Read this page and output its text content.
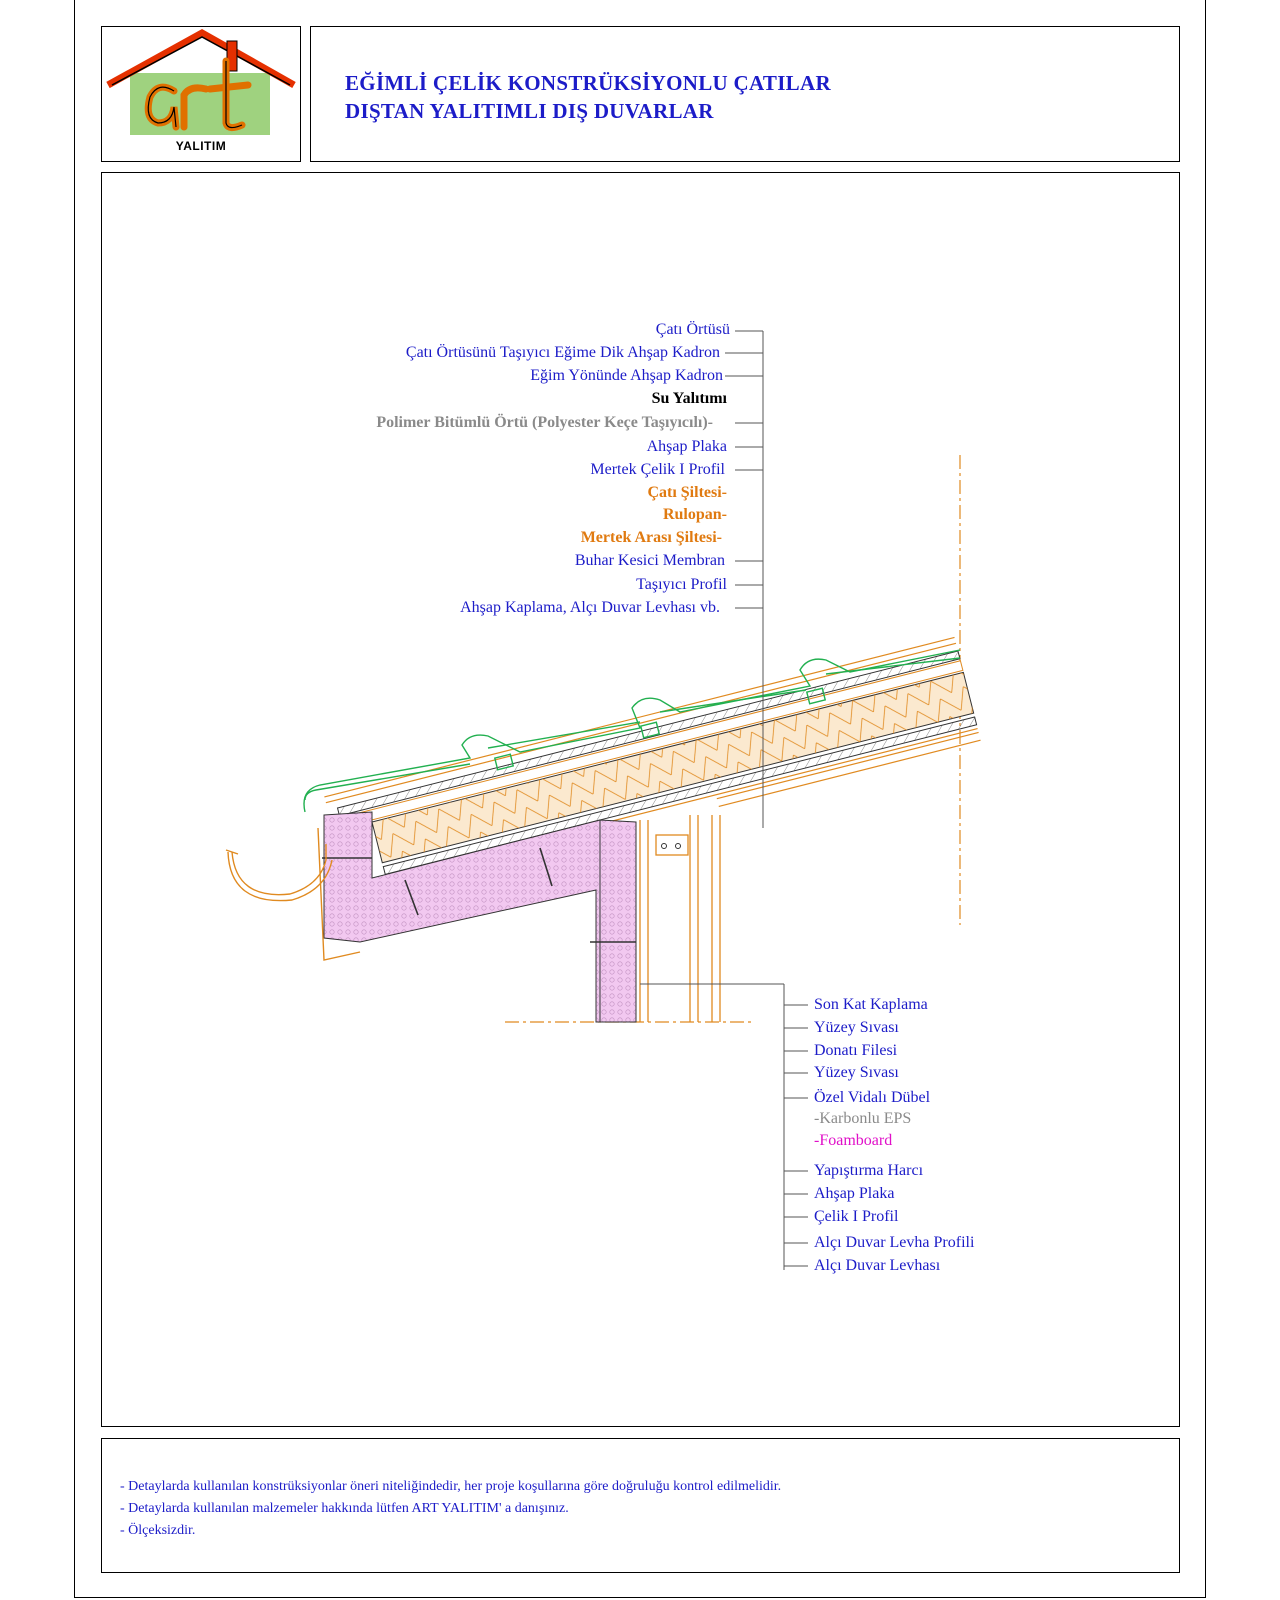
YALITIM
EĞİMLİ ÇELİK KONSTRÜKSİYONLU ÇATILAR
DIŞTAN YALITIMLI DIŞ DUVARLAR
Çatı Örtüsü
Çatı Örtüsünü Taşıyıcı Eğime Dik Ahşap Kadron
Eğim Yönünde Ahşap Kadron
Su Yalıtımı
Polimer Bitümlü Örtü (Polyester Keçe Taşıyıcılı)-
Ahşap Plaka
Mertek Çelik I Profil
Çatı Şiltesi-
Rulopan-
Mertek Arası Şiltesi-
Buhar Kesici Membran
Taşıyıcı Profil
Ahşap Kaplama, Alçı Duvar Levhası vb.
Son Kat Kaplama
Yüzey Sıvası
Donatı Filesi
Yüzey Sıvası
Özel Vidalı Dübel
-Karbonlu EPS
-Foamboard
Yapıştırma Harcı
Ahşap Plaka
Çelik I Profil
Alçı Duvar Levha Profili
Alçı Duvar Levhası
- Detaylarda kullanılan konstrüksiyonlar öneri niteliğindedir, her proje koşullarına göre doğruluğu kontrol edilmelidir.
- Detaylarda kullanılan malzemeler hakkında lütfen ART YALITIM' a danışınız.
- Ölçeksizdir.
